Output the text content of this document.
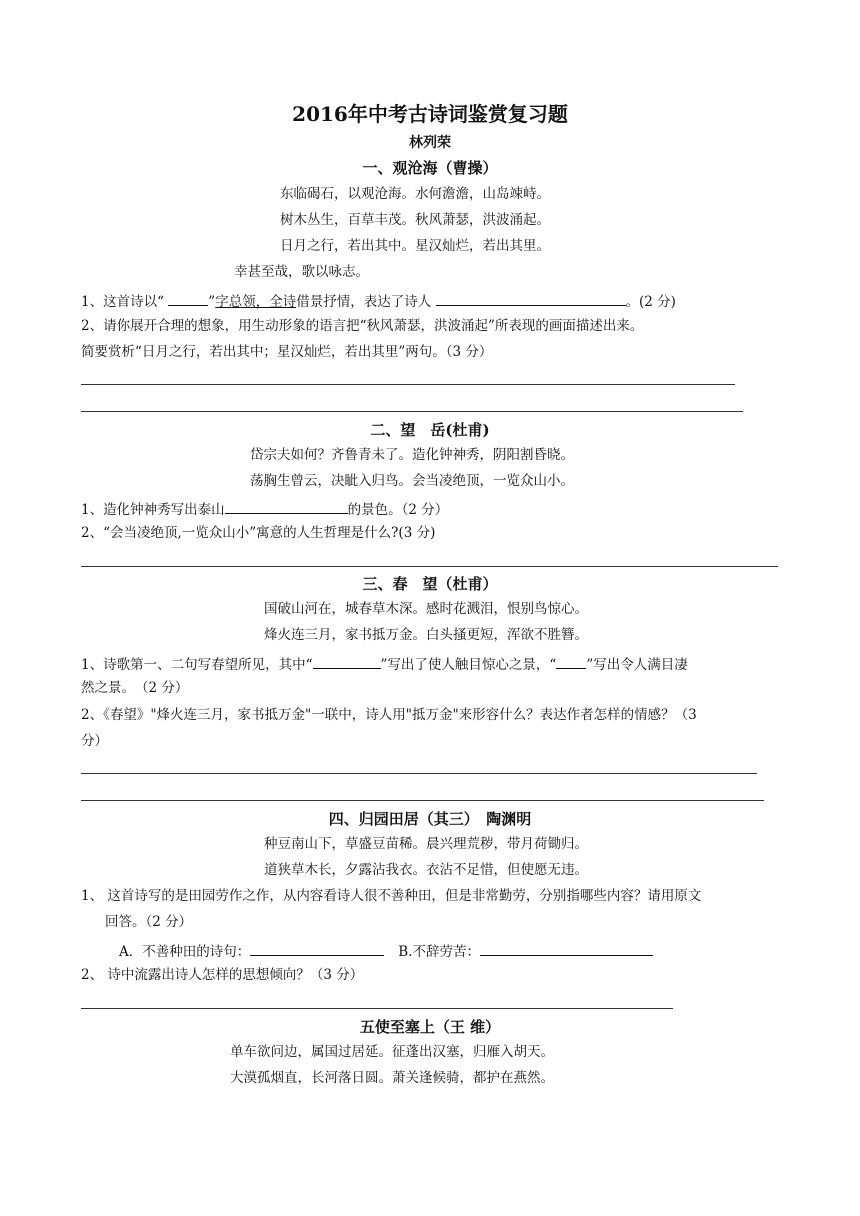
2016年中考古诗词鉴赏复习题
林列荣
一、观沧海（曹操）
东临碣石，以观沧海。水何澹澹，山岛竦峙。
树木丛生，百草丰茂。秋风萧瑟，洪波涌起。
日月之行，若出其中。星汉灿烂，若出其里。
幸甚至哉，歌以咏志。
1、这首诗以“	”字总领，全诗借景抒情，表达了诗人	。(2 分)
2、请你展开合理的想象，用生动形象的语言把“秋风萧瑟，洪波涌起”所表现的画面描述出来。
简要赏析“日月之行，若出其中；星汉灿烂，若出其里”两句。（3 分）
二、望　岳(杜甫)
岱宗夫如何？齐鲁青未了。造化钟神秀，阴阳割昏晓。
荡胸生曾云，决眦入归鸟。会当凌绝顶，一览众山小。
1、造化钟神秀写出泰山	的景色。（2 分）
2、“会当凌绝顶,一览众山小”寓意的人生哲理是什么?(3 分)
三、春　望（杜甫）
国破山河在，城春草木深。感时花溅泪，恨别鸟惊心。
烽火连三月，家书抵万金。白头搔更短，浑欲不胜簪。
1、诗歌第一、二句写春望所见，其中“	”写出了使人触目惊心之景，“ ”写出令人满目凄
然之景。　（2 分）
2、《春望》"烽火连三月，家书抵万金"一联中，诗人用"抵万金"来形容什么？表达作者怎样的情感？（3
分）
四、归园田居（其三）　陶渊明
种豆南山下，草盛豆苗稀。晨兴理荒秽，带月荷锄归。
道狭草木长，夕露沾我衣。衣沾不足惜，但使愿无违。
1、 这首诗写的是田园劳作之作，从内容看诗人很不善种田，但是非常勤劳，分别指哪些内容？请用原文
回答。（2 分）
A．不善种田的诗句：	B.不辞劳苦：
2、 诗中流露出诗人怎样的思想倾向？（3 分）
五使至塞上（王 维）
单车欲问边，属国过居延。征蓬出汉塞，归雁入胡天。
大漠孤烟直，长河落日圆。萧关逢候骑，都护在燕然。
